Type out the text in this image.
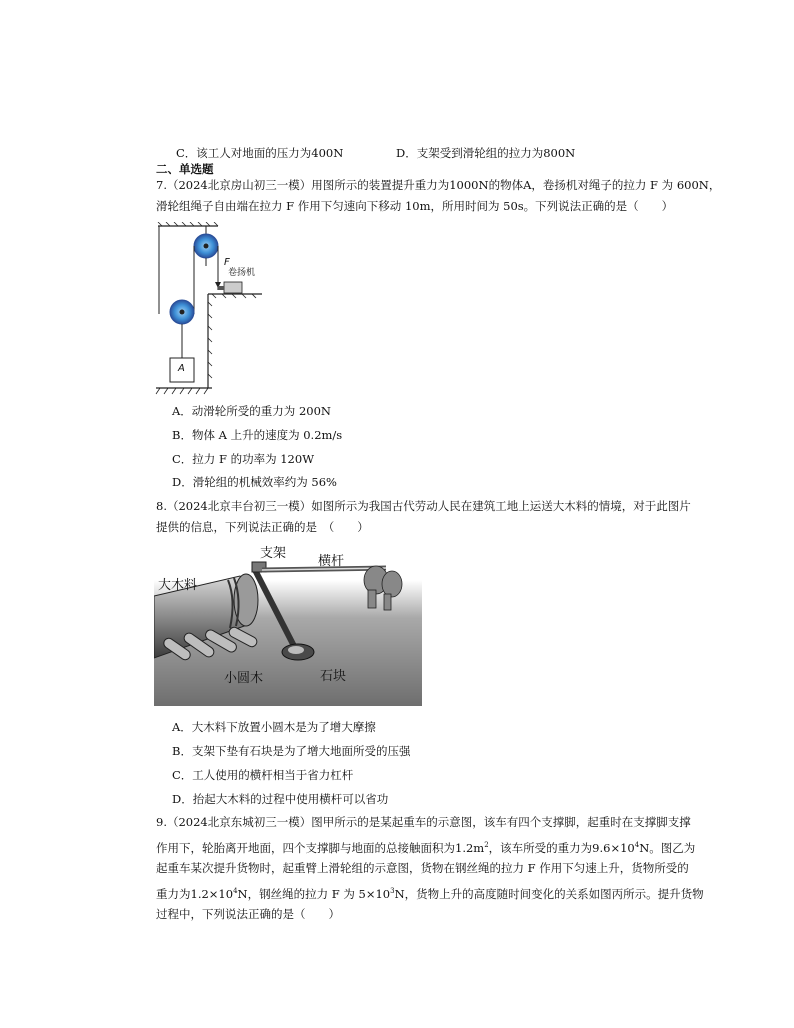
C．该工人对地面的压力为400N	D．支架受到滑轮组的拉力为800N
二、单选题
7.（2024北京房山初三一模）用图所示的装置提升重力为1000N的物体A，卷扬机对绳子的拉力 F 为 600N，
滑轮组绳子自由端在拉力 F 作用下匀速向下移动 10m，所用时间为 50s。下列说法正确的是（　　）
F
卷扬机
A
A．动滑轮所受的重力为 200N
B．物体 A 上升的速度为 0.2m/s
C．拉力 F 的功率为 120W
D．滑轮组的机械效率约为 56%
8.（2024北京丰台初三一模）如图所示为我国古代劳动人民在建筑工地上运送大木料的情境，对于此图片
提供的信息，下列说法正确的是　（　　）
支架
横杆
大木料
小圆木	石块
A．大木料下放置小圆木是为了增大摩擦
B．支架下垫有石块是为了增大地面所受的压强
C．工人使用的横杆相当于省力杠杆
D．抬起大木料的过程中使用横杆可以省功
9.（2024北京东城初三一模）图甲所示的是某起重车的示意图，该车有四个支撑脚，起重时在支撑脚支撑
作用下，轮胎离开地面，四个支撑脚与地面的总接触面积为$1.2m^2$，该车所受的重力为$9.6\times 10^4N$。图乙为
起重车某次提升货物时，起重臂上滑轮组的示意图，货物在钢丝绳的拉力 F 作用下匀速上升，货物所受的
重力为$1.2\times 10^4N$，钢丝绳的拉力 F 为 $5\times 10^3N$，货物上升的高度随时间变化的关系如图丙所示。提升货物
过程中，下列说法正确的是（　　）
